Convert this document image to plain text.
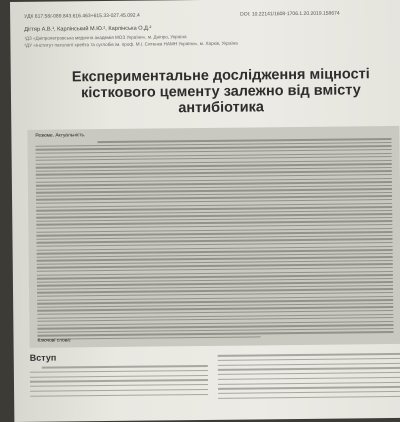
УДК 617.58/-089.843.616.463+615.33-027.45.092.4	DOI: 10.22141/1608-1706.1.20.2019.158674
Дігтяр А.В.¹, Карлінський М.Ю.², Карлінська О.Д.²
¹ДЗ «Дніпропетровська медична академія МОЗ України», м. Дніпро, Україна
²ДУ «Інститут патології хребта та суглобів ім. проф. М.І. Ситенка НАМН України», м. Харків, Україна
Експериментальне дослідження міцності кісткового цементу залежно від вмісту антибіотика
Резюме. Актуальність.
Ключові слова:
Вступ
